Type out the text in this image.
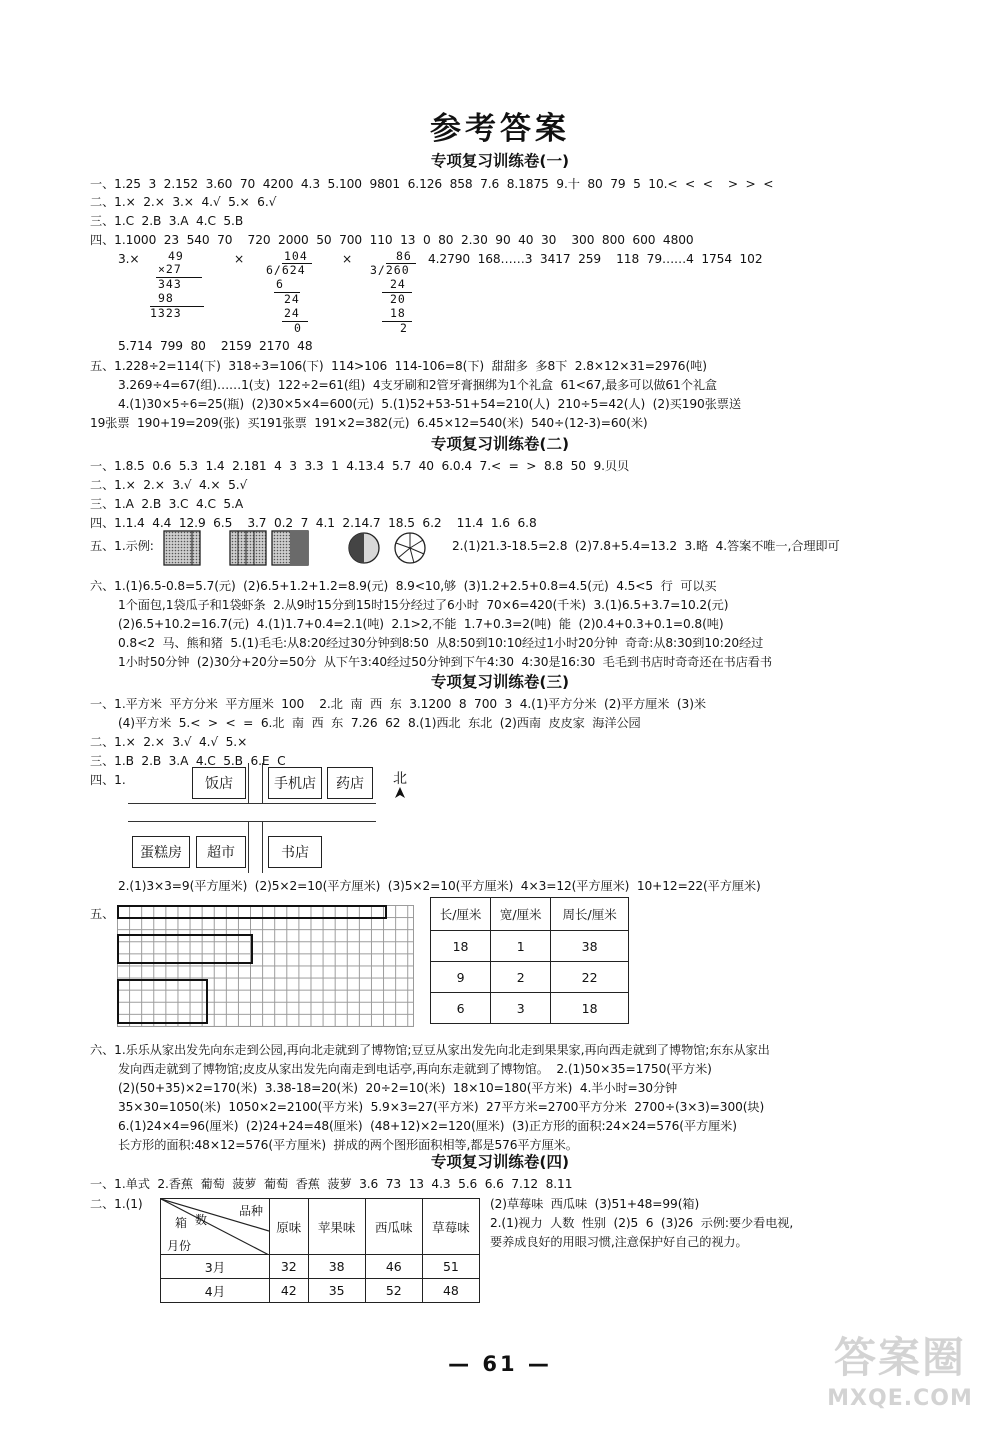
参考答案
专项复习训练卷(一)
一、1.25  3  2.152  3.60  70  4200  4.3  5.100  9801  6.126  858  7.6  8.1875  9.十  80  79  5  10.<  <  <    >  >  <
二、1.×  2.×  3.×  4.√  5.×  6.√
三、1.C  2.B  3.A  4.C  5.B
四、1.1000  23  540  70    720  2000  50  700  110  13  0  80  2.30  90  40  30    300  800  600  4800
3.×	×	×	4.2790  168……3  3417  259    118  79……4  1754  102
49
×27
343
98
1323
104
6/624
6
24
24
0
86
3/260
24
20
18
2
5.714  799  80    2159  2170  48
五、1.228÷2=114(下)  318÷3=106(下)  114>106  114-106=8(下)  甜甜多  多8下  2.8×12×31=2976(吨)
3.269÷4=67(组)……1(支)  122÷2=61(组)  4支牙刷和2管牙膏捆绑为1个礼盒  61<67,最多可以做61个礼盒
4.(1)30×5÷6=25(瓶)  (2)30×5×4=600(元)  5.(1)52+53-51+54=210(人)  210÷5=42(人)  (2)买190张票送
19张票  190+19=209(张)  买191张票  191×2=382(元)  6.45×12=540(米)  540÷(12-3)=60(米)
专项复习训练卷(二)
一、1.8.5  0.6  5.3  1.4  2.181  4  3  3.3  1  4.13.4  5.7  40  6.0.4  7.<  =  >  8.8  50  9.贝贝
二、1.×  2.×  3.√  4.×  5.√
三、1.A  2.B  3.C  4.C  5.A
四、1.1.4  4.4  12.9  6.5    3.7  0.2  7  4.1  2.14.7  18.5  6.2    11.4  1.6  6.8
五、1.示例:	2.(1)21.3-18.5=2.8  (2)7.8+5.4=13.2  3.略  4.答案不唯一,合理即可
六、1.(1)6.5-0.8=5.7(元)  (2)6.5+1.2+1.2=8.9(元)  8.9<10,够  (3)1.2+2.5+0.8=4.5(元)  4.5<5  行  可以买
1个面包,1袋瓜子和1袋虾条  2.从9时15分到15时15分经过了6小时  70×6=420(千米)  3.(1)6.5+3.7=10.2(元)
(2)6.5+10.2=16.7(元)  4.(1)1.7+0.4=2.1(吨)  2.1>2,不能  1.7+0.3=2(吨)  能  (2)0.4+0.3+0.1=0.8(吨)
0.8<2  马、熊和猪  5.(1)毛毛:从8:20经过30分钟到8:50  从8:50到10:10经过1小时20分钟  奇奇:从8:30到10:20经过
1小时50分钟  (2)30分+20分=50分  从下午3:40经过50分钟到下午4:30  4:30是16:30  毛毛到书店时奇奇还在书店看书
专项复习训练卷(三)
一、1.平方米  平方分米  平方厘米  100    2.北  南  西  东  3.1200  8  700  3  4.(1)平方分米  (2)平方厘米  (3)米
(4)平方米  5.<  >  <  =  6.北  南  西  东  7.26  62  8.(1)西北  东北  (2)西南  皮皮家  海洋公园
二、1.×  2.×  3.√  4.√  5.×
三、1.B  2.B  3.A  4.C  5.B  6.E  C
四、1.	饭店	手机店	药店
蛋糕房	超市	书店
北
2.(1)3×3=9(平方厘米)  (2)5×2=10(平方厘米)  (3)5×2=10(平方厘米)  4×3=12(平方厘米)  10+12=22(平方厘米)
五、	长/厘米	宽/厘米	周长/厘米
18	1	38
9	2	22
6	3	18
六、1.乐乐从家出发先向东走到公园,再向北走就到了博物馆;豆豆从家出发先向北走到果果家,再向西走就到了博物馆;东东从家出
发向西走就到了博物馆;皮皮从家出发先向南走到电话亭,再向东走就到了博物馆。  2.(1)50×35=1750(平方米)
(2)(50+35)×2=170(米)  3.38-18=20(米)  20÷2=10(米)  18×10=180(平方米)  4.半小时=30分钟
35×30=1050(米)  1050×2=2100(平方米)  5.9×3=27(平方米)  27平方米=2700平方分米  2700÷(3×3)=300(块)
6.(1)24×4=96(厘米)  (2)24+24=48(厘米)  (48+12)×2=120(厘米)  (3)正方形的面积:24×24=576(平方厘米)
长方形的面积:48×12=576(平方厘米)  拼成的两个图形面积相等,都是576平方厘米。
专项复习训练卷(四)
一、1.单式  2.香蕉  葡萄  菠萝  葡萄  香蕉  菠萝  3.6  73  13  4.3  5.6  6.6  7.12  8.11
二、1.(1)	品种
数
箱
月份	原味	苹果味	西瓜味	草莓味
3月	32	38	46	51
4月	42	35	52	48
(2)草莓味  西瓜味  (3)51+48=99(箱)
2.(1)视力  人数  性别  (2)5  6  (3)26  示例:要少看电视,
要养成良好的用眼习惯,注意保护好自己的视力。
— 61 —	答案圈
MXQE.COM
